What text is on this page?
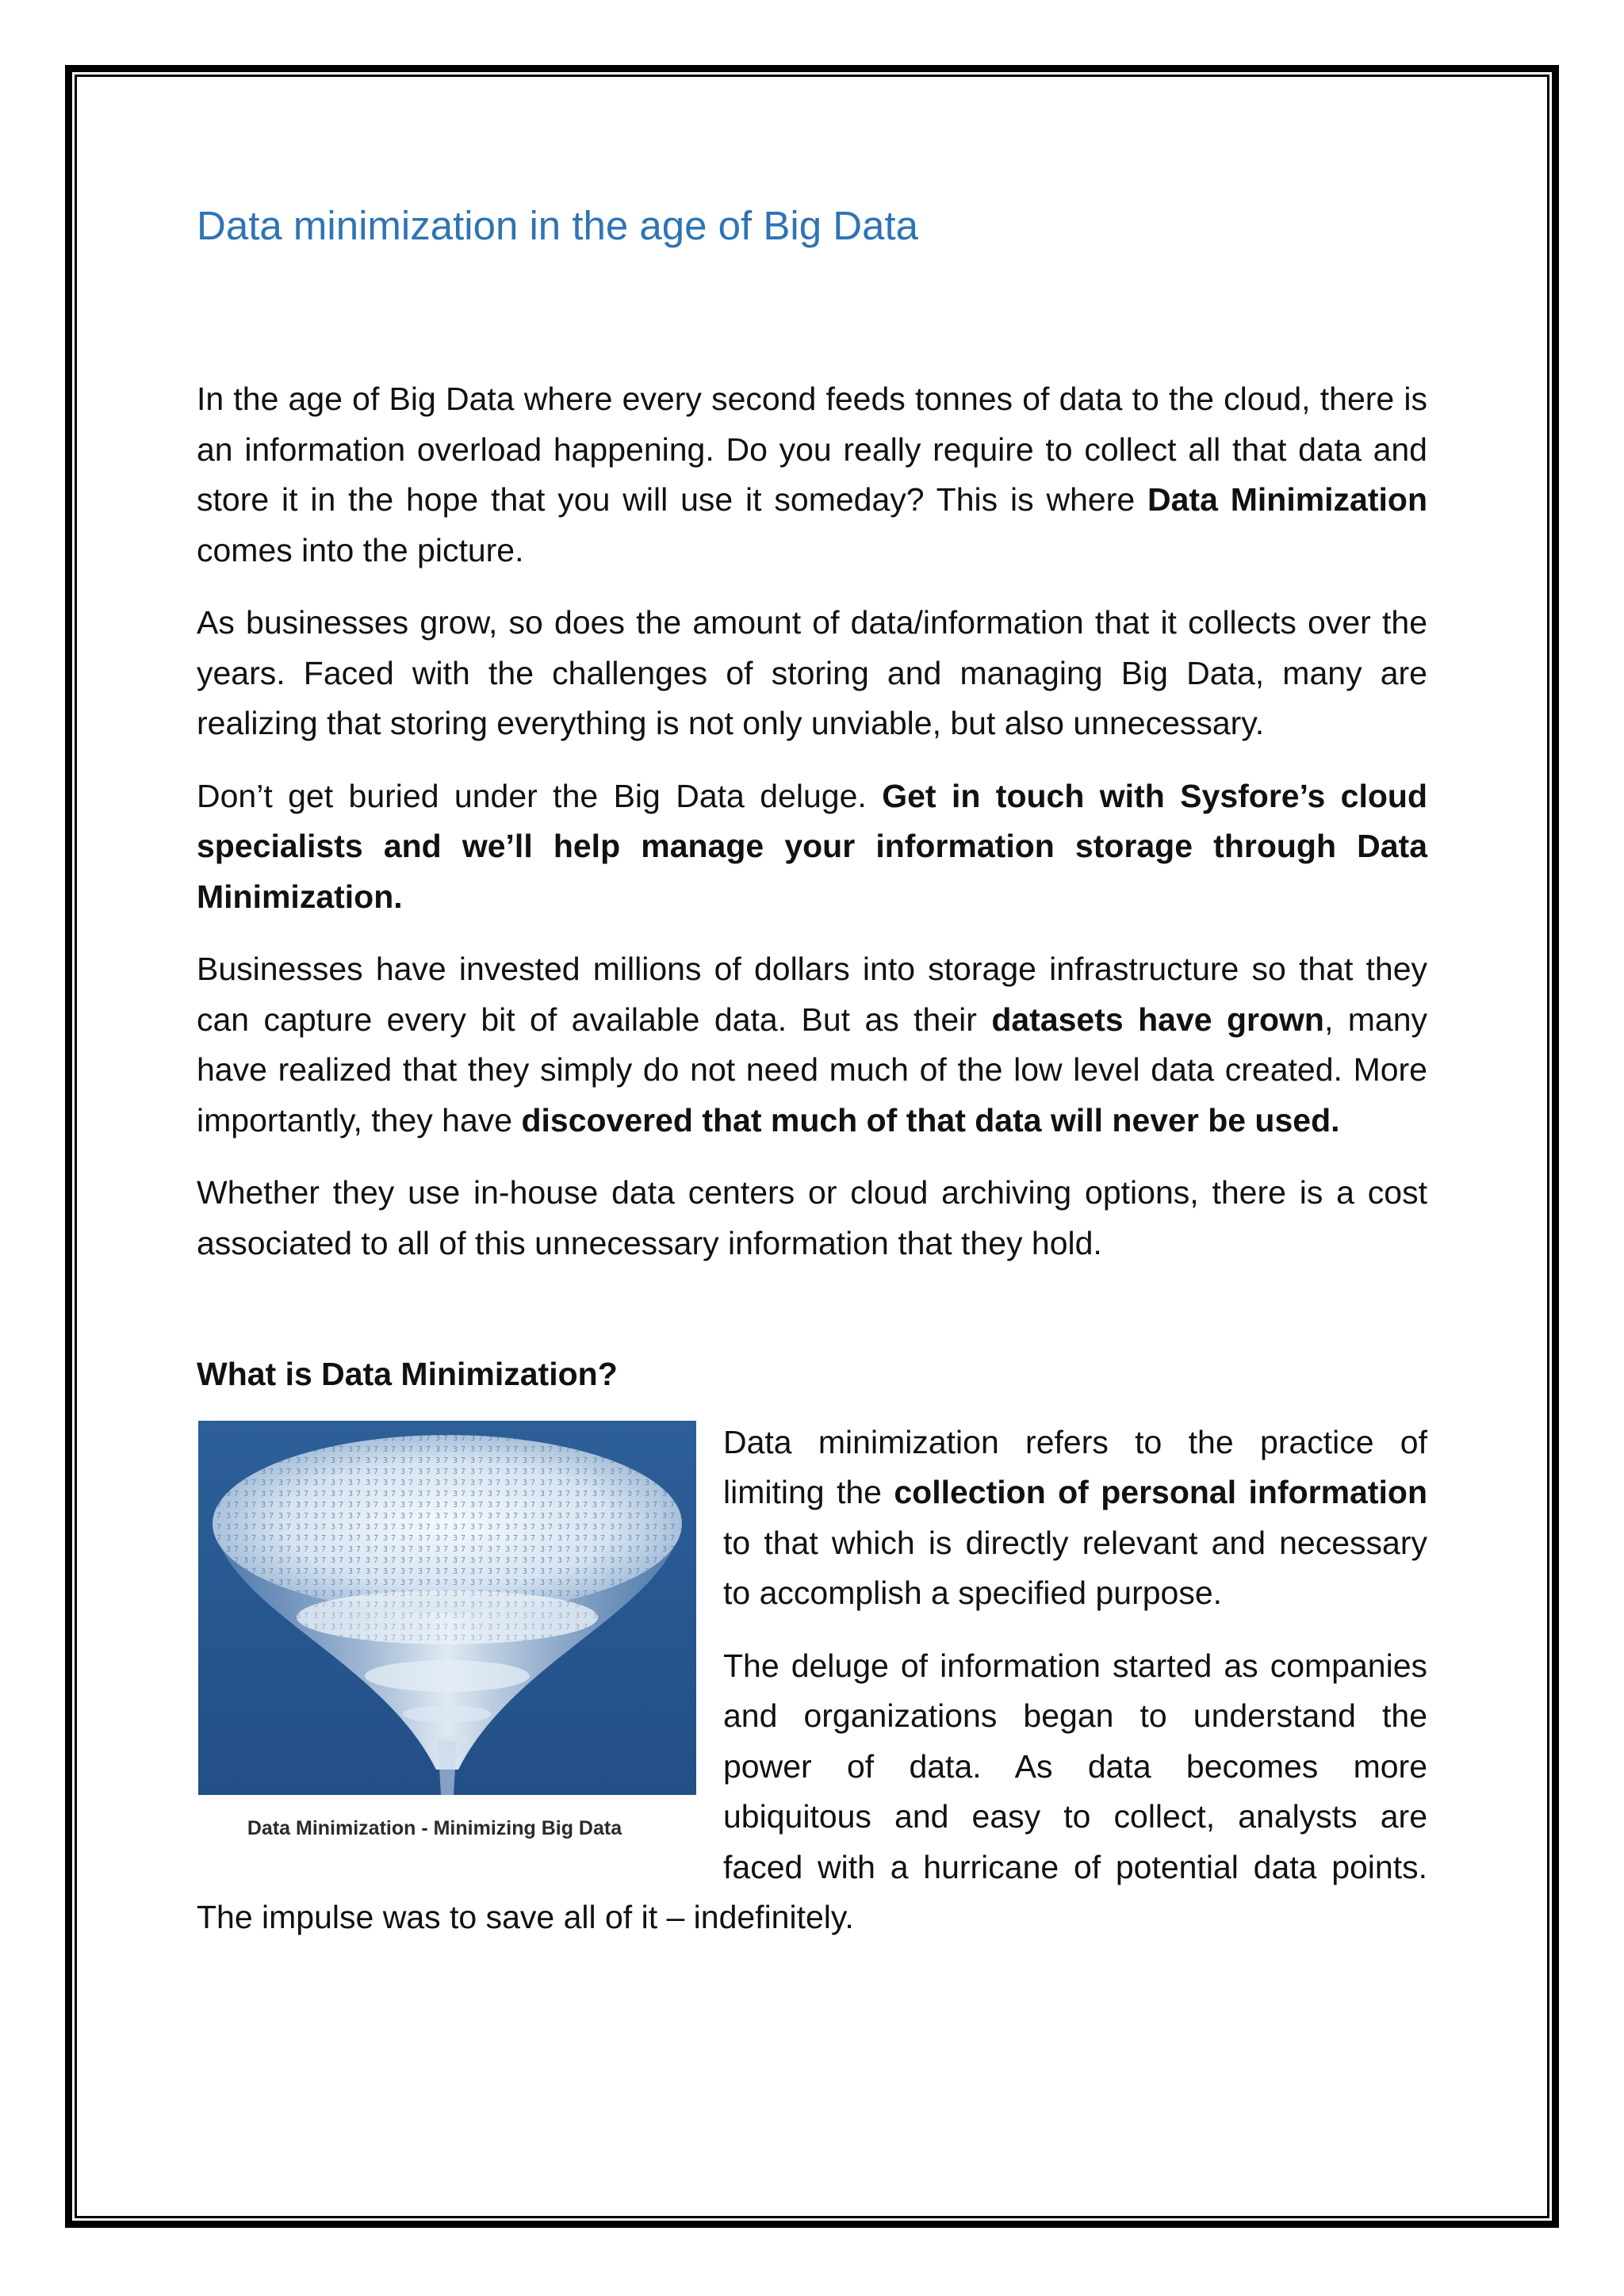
Data minimization in the age of Big Data

In the age of Big Data where every second feeds tonnes of data to the cloud, there is an information overload happening. Do you really require to collect all that data and store it in the hope that you will use it someday? This is where Data Minimization comes into the picture.

As businesses grow, so does the amount of data/information that it collects over the years. Faced with the challenges of storing and managing Big Data, many are realizing that storing everything is not only unviable, but also unnecessary.

Don’t get buried under the Big Data deluge. Get in touch with Sysfore’s cloud specialists and we’ll help manage your information storage through Data Minimization.

Businesses have invested millions of dollars into storage infrastructure so that they can capture every bit of available data. But as their datasets have grown, many have realized that they simply do not need much of the low level data created. More importantly, they have discovered that much of that data will never be used.

Whether they use in-house data centers or cloud archiving options, there is a cost associated to all of this unnecessary information that they hold.

What is Data Minimization?
Data Minimization - Minimizing Big Data

Data minimization refers to the practice of limiting the collection of personal information to that which is directly relevant and necessary to accomplish a specified purpose.

The deluge of information started as companies and organizations began to understand the power of data. As data becomes more ubiquitous and easy to collect, analysts are faced with a hurricane of potential data points. The impulse was to save all of it – indefinitely.
